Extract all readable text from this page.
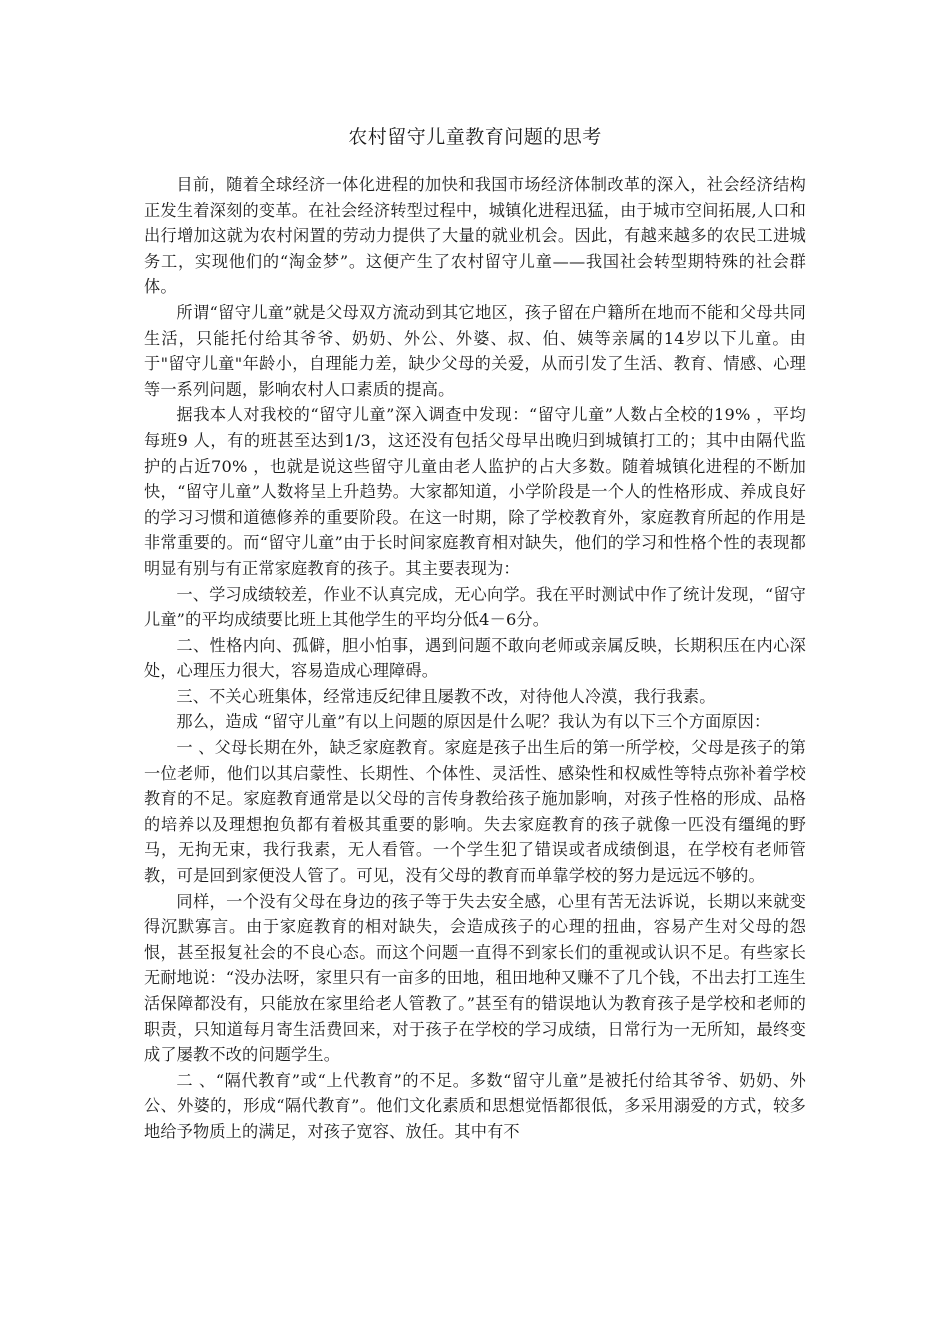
农村留守儿童教育问题的思考

目前，随着全球经济一体化进程的加快和我国市场经济体制改革的深入，社会经济结构正发生着深刻的变革。在社会经济转型过程中，城镇化进程迅猛，由于城市空间拓展,人口和出行增加这就为农村闲置的劳动力提供了大量的就业机会。因此，有越来越多的农民工进城务工，实现他们的“淘金梦”。这便产生了农村留守儿童——我国社会转型期特殊的社会群体。

所谓“留守儿童”就是父母双方流动到其它地区，孩子留在户籍所在地而不能和父母共同生活，只能托付给其爷爷、奶奶、外公、外婆、叔、伯、姨等亲属的14岁以下儿童。由于"留守儿童"年龄小，自理能力差，缺少父母的关爱，从而引发了生活、教育、情感、心理等一系列问题，影响农村人口素质的提高。

据我本人对我校的“留守儿童”深入调查中发现：“留守儿童”人数占全校的19% ，平均每班9 人，有的班甚至达到1/3，这还没有包括父母早出晚归到城镇打工的；其中由隔代监护的占近70% ，也就是说这些留守儿童由老人监护的占大多数。随着城镇化进程的不断加快，“留守儿童”人数将呈上升趋势。大家都知道，小学阶段是一个人的性格形成、养成良好的学习习惯和道德修养的重要阶段。在这一时期，除了学校教育外，家庭教育所起的作用是非常重要的。而“留守儿童”由于长时间家庭教育相对缺失，他们的学习和性格个性的表现都明显有别与有正常家庭教育的孩子。其主要表现为：

一、学习成绩较差，作业不认真完成，无心向学。我在平时测试中作了统计发现，“留守儿童”的平均成绩要比班上其他学生的平均分低4－6分。

二、性格内向、孤僻，胆小怕事，遇到问题不敢向老师或亲属反映，长期积压在内心深处，心理压力很大，容易造成心理障碍。

三、不关心班集体，经常违反纪律且屡教不改，对待他人冷漠，我行我素。

那么，造成 “留守儿童”有以上问题的原因是什么呢？我认为有以下三个方面原因：

一 、父母长期在外，缺乏家庭教育。家庭是孩子出生后的第一所学校，父母是孩子的第一位老师，他们以其启蒙性、长期性、个体性、灵活性、感染性和权威性等特点弥补着学校教育的不足。家庭教育通常是以父母的言传身教给孩子施加影响，对孩子性格的形成、品格的培养以及理想抱负都有着极其重要的影响。失去家庭教育的孩子就像一匹没有缰绳的野马，无拘无束，我行我素，无人看管。一个学生犯了错误或者成绩倒退，在学校有老师管教，可是回到家便没人管了。可见，没有父母的教育而单靠学校的努力是远远不够的。

同样，一个没有父母在身边的孩子等于失去安全感，心里有苦无法诉说，长期以来就变得沉默寡言。由于家庭教育的相对缺失，会造成孩子的心理的扭曲，容易产生对父母的怨恨，甚至报复社会的不良心态。而这个问题一直得不到家长们的重视或认识不足。有些家长无耐地说：“没办法呀，家里只有一亩多的田地，租田地种又赚不了几个钱，不出去打工连生活保障都没有，只能放在家里给老人管教了。”甚至有的错误地认为教育孩子是学校和老师的职责，只知道每月寄生活费回来，对于孩子在学校的学习成绩，日常行为一无所知，最终变成了屡教不改的问题学生。

二 、“隔代教育”或“上代教育”的不足。多数“留守儿童”是被托付给其爷爷、奶奶、外公、外婆的，形成“隔代教育”。他们文化素质和思想觉悟都很低，多采用溺爱的方式，较多地给予物质上的满足，对孩子宽容、放任。其中有不
